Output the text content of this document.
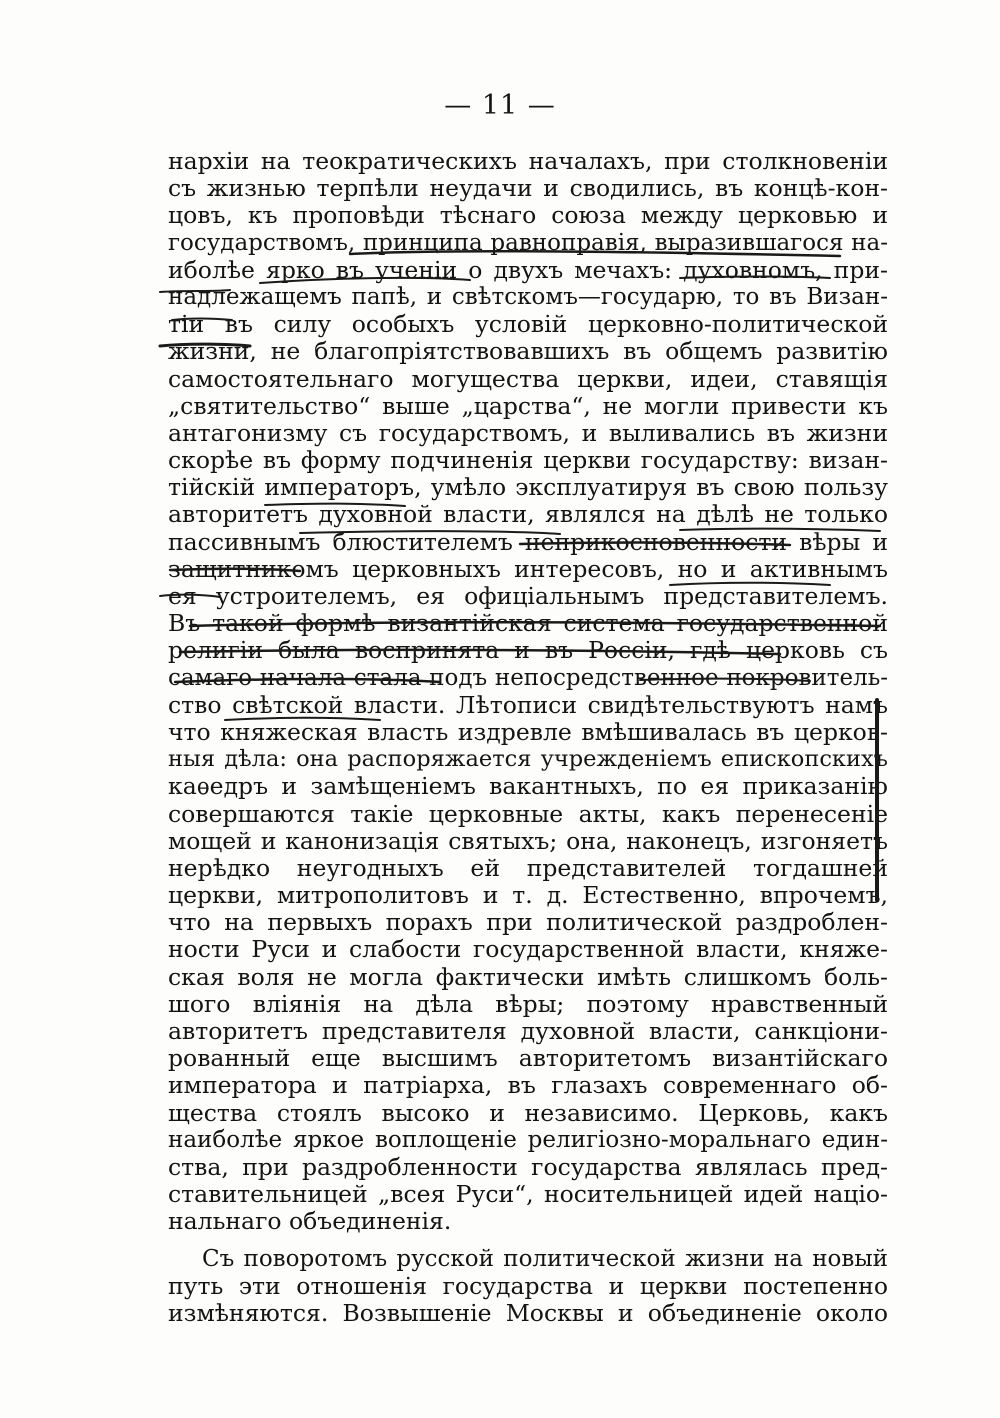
— 11 —
нархіи на теократическихъ началахъ, при столкновеніи
съ жизнью терпѣли неудачи и сводились, въ концѣ-кон-
цовъ, къ проповѣди тѣснаго союза между церковью и
государствомъ, принципа равноправія, выразившагося на-
иболѣе ярко въ ученіи о двухъ мечахъ: духовномъ, при-
надлежащемъ папѣ, и свѣтскомъ—государю, то въ Визан-
тіи въ силу особыхъ условій церковно-политической
жизни, не благопріятствовавшихъ въ общемъ развитію
самостоятельнаго могущества церкви, идеи, ставящія
„святительство“ выше „царства“, не могли привести къ
антагонизму съ государствомъ, и выливались въ жизни
скорѣе въ форму подчиненія церкви государству: визан-
тійскій императоръ, умѣло эксплуатируя въ свою пользу
авторитетъ духовной власти, являлся на дѣлѣ не только
пассивнымъ блюстителемъ неприкосновенности вѣры и
защитникомъ церковныхъ интересовъ, но и активнымъ
ея устроителемъ, ея офиціальнымъ представителемъ.
Въ такой формѣ византійская система государственной
религіи была воспринята и въ Россіи, гдѣ церковь съ
самаго начала стала подъ непосредственное покровитель-
ство свѣтской власти. Лѣтописи свидѣтельствуютъ намъ
что княжеская власть издревле вмѣшивалась въ церков-
ныя дѣла: она распоряжается учрежденіемъ епископскихъ
каѳедръ и замѣщеніемъ вакантныхъ, по ея приказанію
совершаются такіе церковные акты, какъ перенесеніе
мощей и канонизація святыхъ; она, наконецъ, изгоняетъ
нерѣдко неугодныхъ ей представителей тогдашней
церкви, митрополитовъ и т. д. Естественно, впрочемъ,
что на первыхъ порахъ при политической раздроблен-
ности Руси и слабости государственной власти, княже-
ская воля не могла фактически имѣть слишкомъ боль-
шого вліянія на дѣла вѣры; поэтому нравственный
авторитетъ представителя духовной власти, санкціони-
рованный еще высшимъ авторитетомъ византійскаго
императора и патріарха, въ глазахъ современнаго об-
щества стоялъ высоко и независимо. Церковь, какъ
наиболѣе яркое воплощеніе религіозно-моральнаго един-
ства, при раздробленности государства являлась пред-
ставительницей „всея Руси“, носительницей идей націо-
нальнаго объединенія.
Съ поворотомъ русской политической жизни на новый
путь эти отношенія государства и церкви постепенно
измѣняются. Возвышеніе Москвы и объединеніе около
